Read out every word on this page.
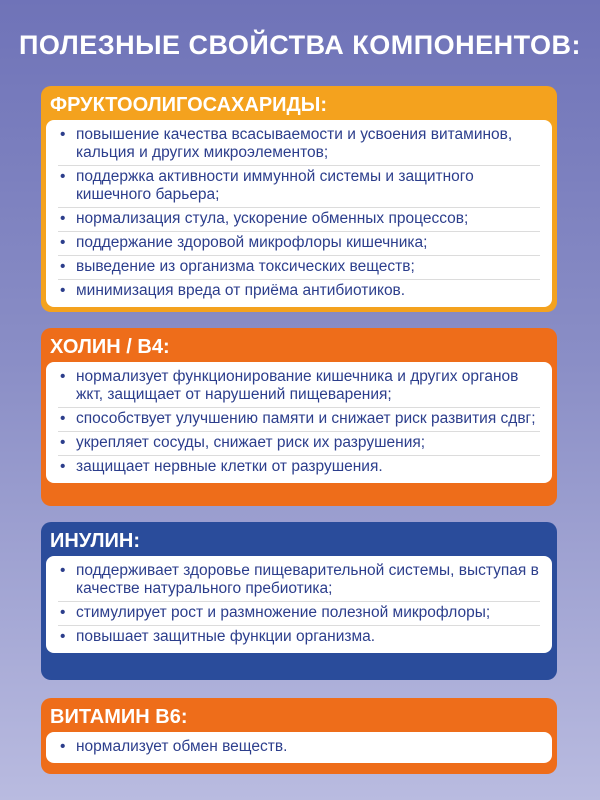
ПОЛЕЗНЫЕ СВОЙСТВА КОМПОНЕНТОВ:
ФРУКТООЛИГОСАХАРИДЫ:
• повышение качества всасываемости и усвоения витаминов, кальция и других микроэлементов;
• поддержка активности иммунной системы и защитного кишечного барьера;
• нормализация стула, ускорение обменных процессов;
• поддержание здоровой микрофлоры кишечника;
• выведение из организма токсических веществ;
• минимизация вреда от приёма антибиотиков.
ХОЛИН / В4:
• нормализует функционирование кишечника и других органов жкт, защищает от нарушений пищеварения;
• способствует улучшению памяти и снижает риск развития сдвг;
• укрепляет сосуды, снижает риск их разрушения;
• защищает нервные клетки от разрушения.
ИНУЛИН:
• поддерживает здоровье пищеварительной системы, выступая в качестве натурального пребиотика;
• стимулирует рост и размножение полезной микрофлоры;
• повышает защитные функции организма.
ВИТАМИН В6:
• нормализует обмен веществ.
